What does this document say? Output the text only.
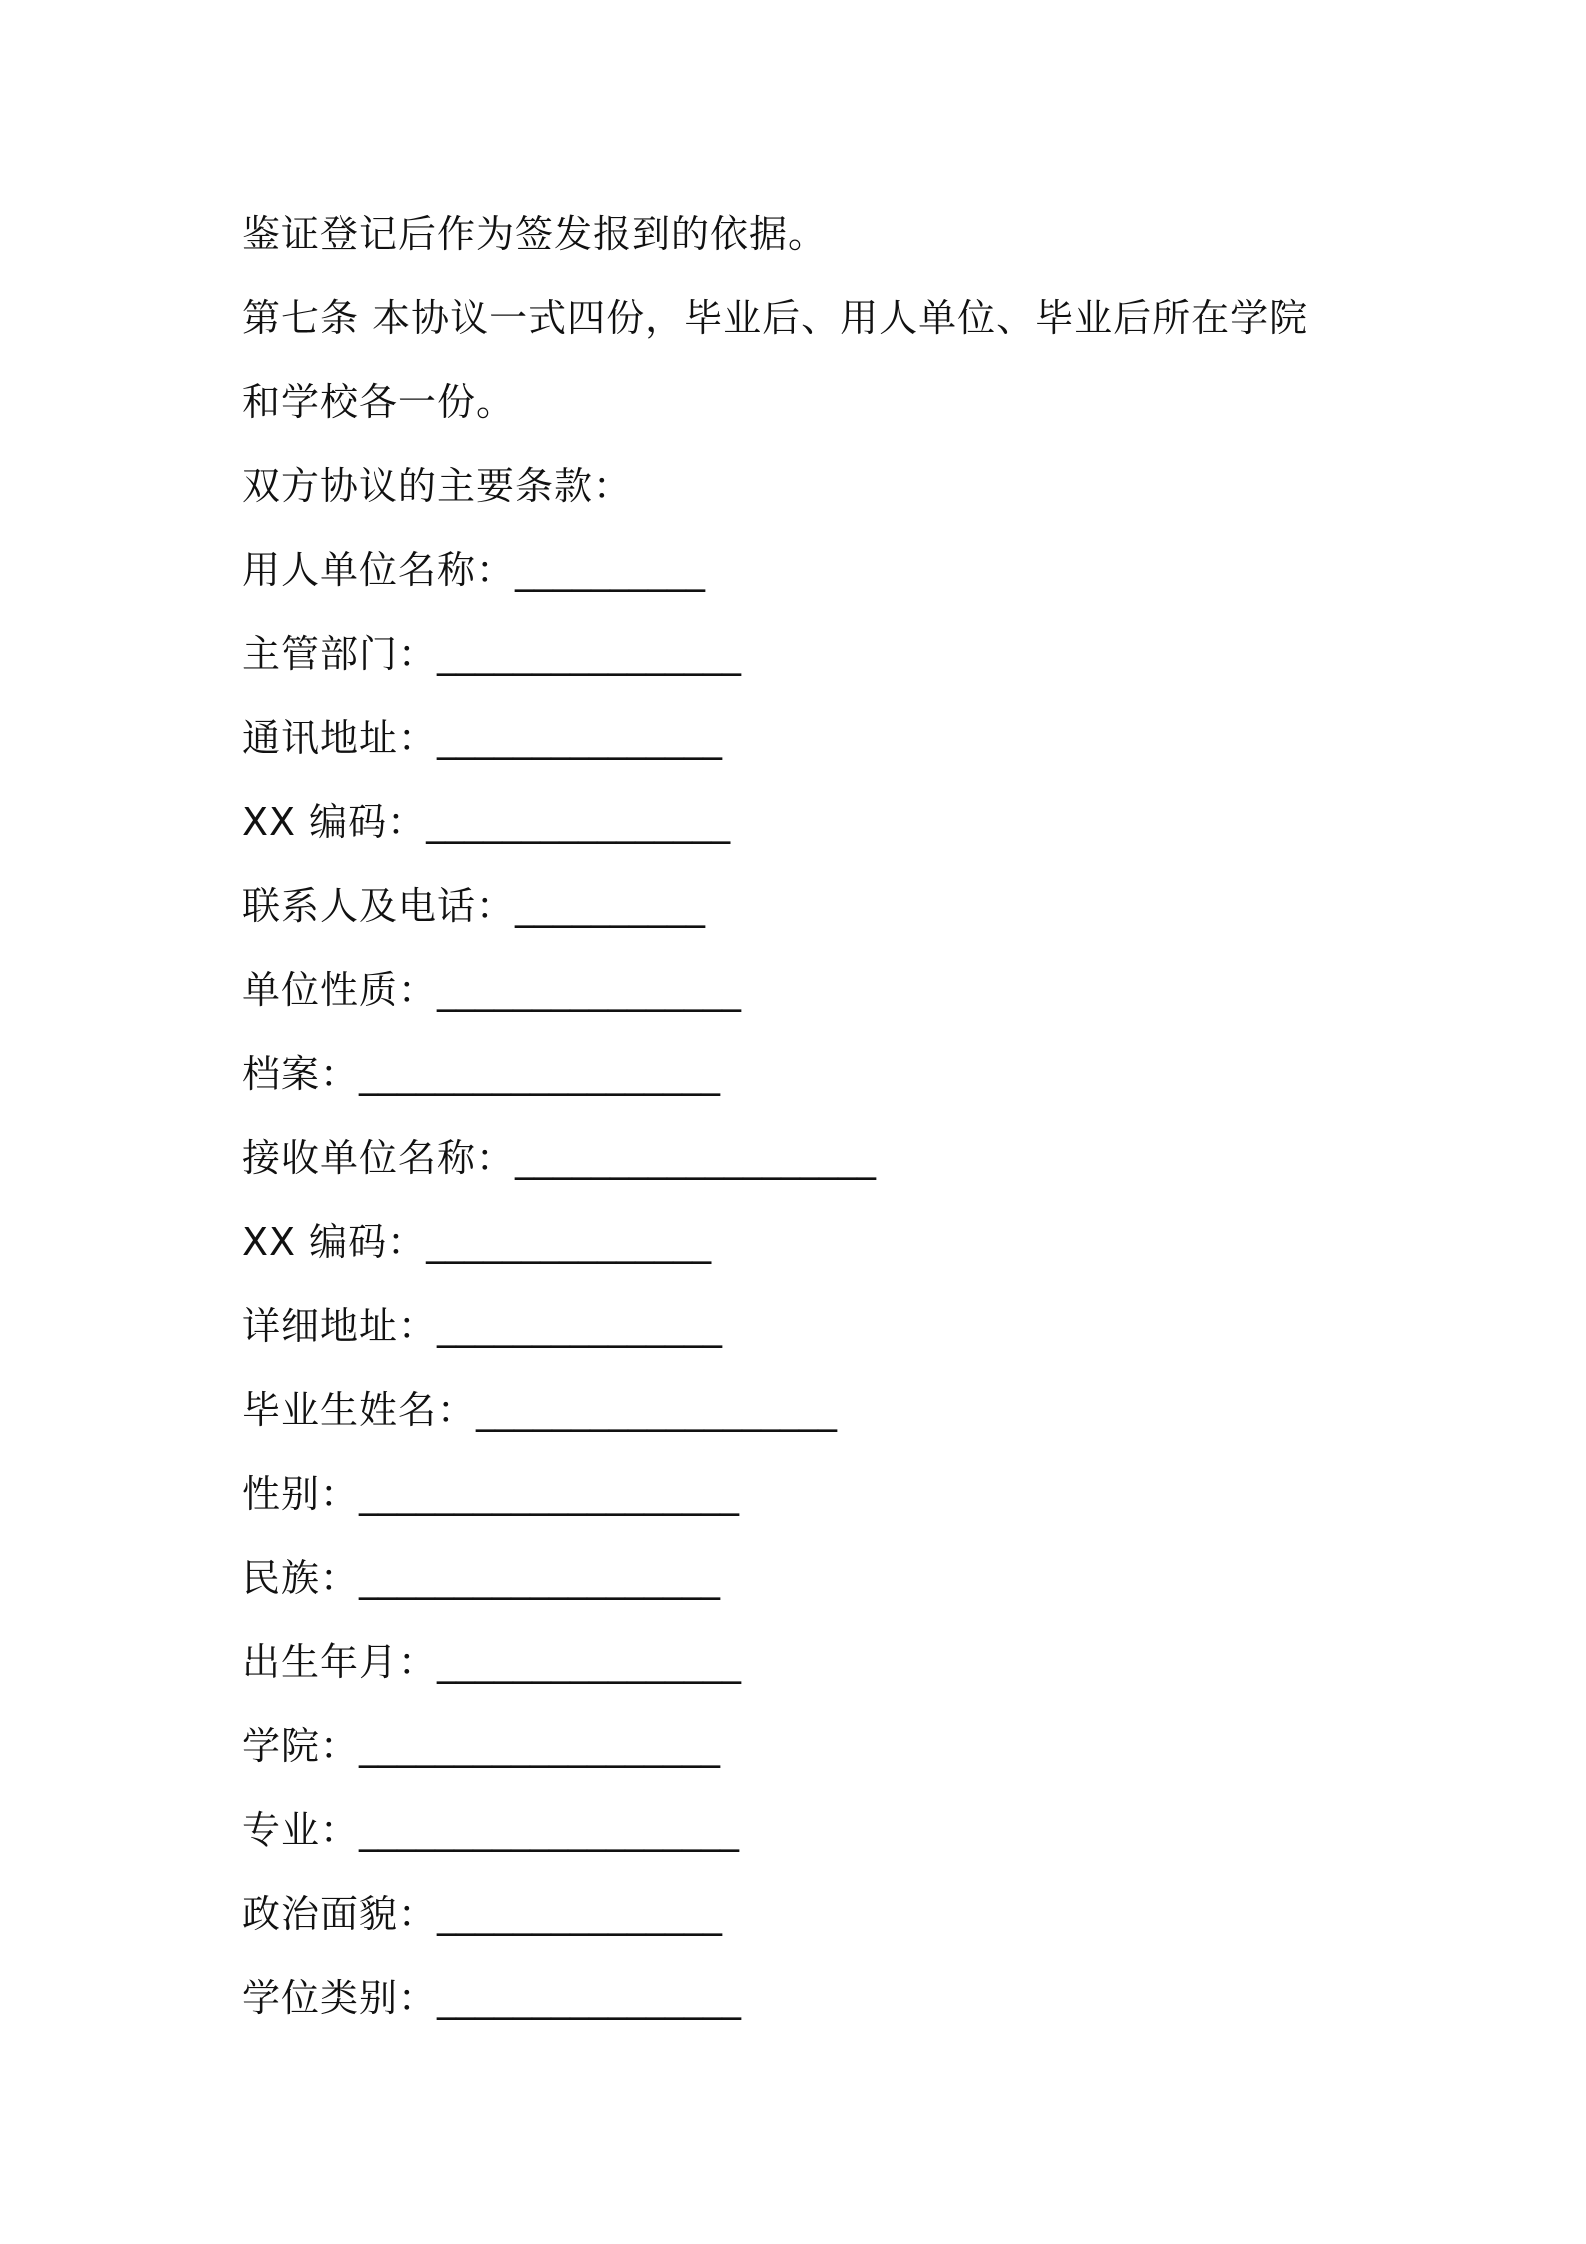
鉴证登记后作为签发报到的依据。
第七条 本协议一式四份，毕业后、用人单位、毕业后所在学院
和学校各一份。
双方协议的主要条款：
用人单位名称：__________
主管部门：________________
通讯地址：_______________
XX 编码：________________
联系人及电话：__________
单位性质：________________
档案：___________________
接收单位名称：___________________
XX 编码：_______________
详细地址：_______________
毕业生姓名：___________________
性别：____________________
民族：___________________
出生年月：________________
学院：___________________
专业：____________________
政治面貌：_______________
学位类别：________________
